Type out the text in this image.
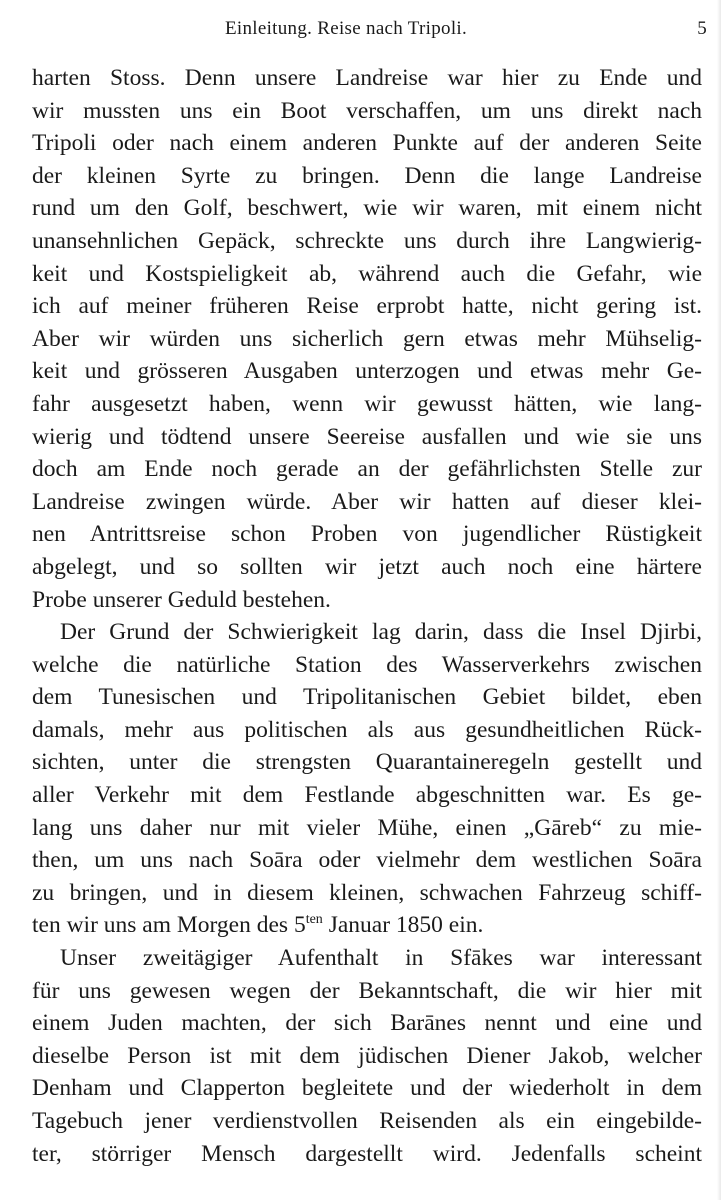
Einleitung. Reise nach Tripoli.	5
harten Stoss. Denn unsere Landreise war hier zu Ende und
wir mussten uns ein Boot verschaffen, um uns direkt nach
Tripoli oder nach einem anderen Punkte auf der anderen Seite
der kleinen Syrte zu bringen. Denn die lange Landreise
rund um den Golf, beschwert, wie wir waren, mit einem nicht
unansehnlichen Gepäck, schreckte uns durch ihre Langwierig-
keit und Kostspieligkeit ab, während auch die Gefahr, wie
ich auf meiner früheren Reise erprobt hatte, nicht gering ist.
Aber wir würden uns sicherlich gern etwas mehr Mühselig-
keit und grösseren Ausgaben unterzogen und etwas mehr Ge-
fahr ausgesetzt haben, wenn wir gewusst hätten, wie lang-
wierig und tödtend unsere Seereise ausfallen und wie sie uns
doch am Ende noch gerade an der gefährlichsten Stelle zur
Landreise zwingen würde. Aber wir hatten auf dieser klei-
nen Antrittsreise schon Proben von jugendlicher Rüstigkeit
abgelegt, und so sollten wir jetzt auch noch eine härtere
Probe unserer Geduld bestehen.
Der Grund der Schwierigkeit lag darin, dass die Insel Djirbi,
welche die natürliche Station des Wasserverkehrs zwischen
dem Tunesischen und Tripolitanischen Gebiet bildet, eben
damals, mehr aus politischen als aus gesundheitlichen Rück-
sichten, unter die strengsten Quarantaineregeln gestellt und
aller Verkehr mit dem Festlande abgeschnitten war. Es ge-
lang uns daher nur mit vieler Mühe, einen „Gāreb“ zu mie-
then, um uns nach Soāra oder vielmehr dem westlichen Soāra
zu bringen, und in diesem kleinen, schwachen Fahrzeug schiff-
ten wir uns am Morgen des $5^{ten}$ Januar 1850 ein.
Unser zweitägiger Aufenthalt in Sfākes war interessant
für uns gewesen wegen der Bekanntschaft, die wir hier mit
einem Juden machten, der sich Barānes nennt und eine und
dieselbe Person ist mit dem jüdischen Diener Jakob, welcher
Denham und Clapperton begleitete und der wiederholt in dem
Tagebuch jener verdienstvollen Reisenden als ein eingebilde-
ter, störriger Mensch dargestellt wird. Jedenfalls scheint
